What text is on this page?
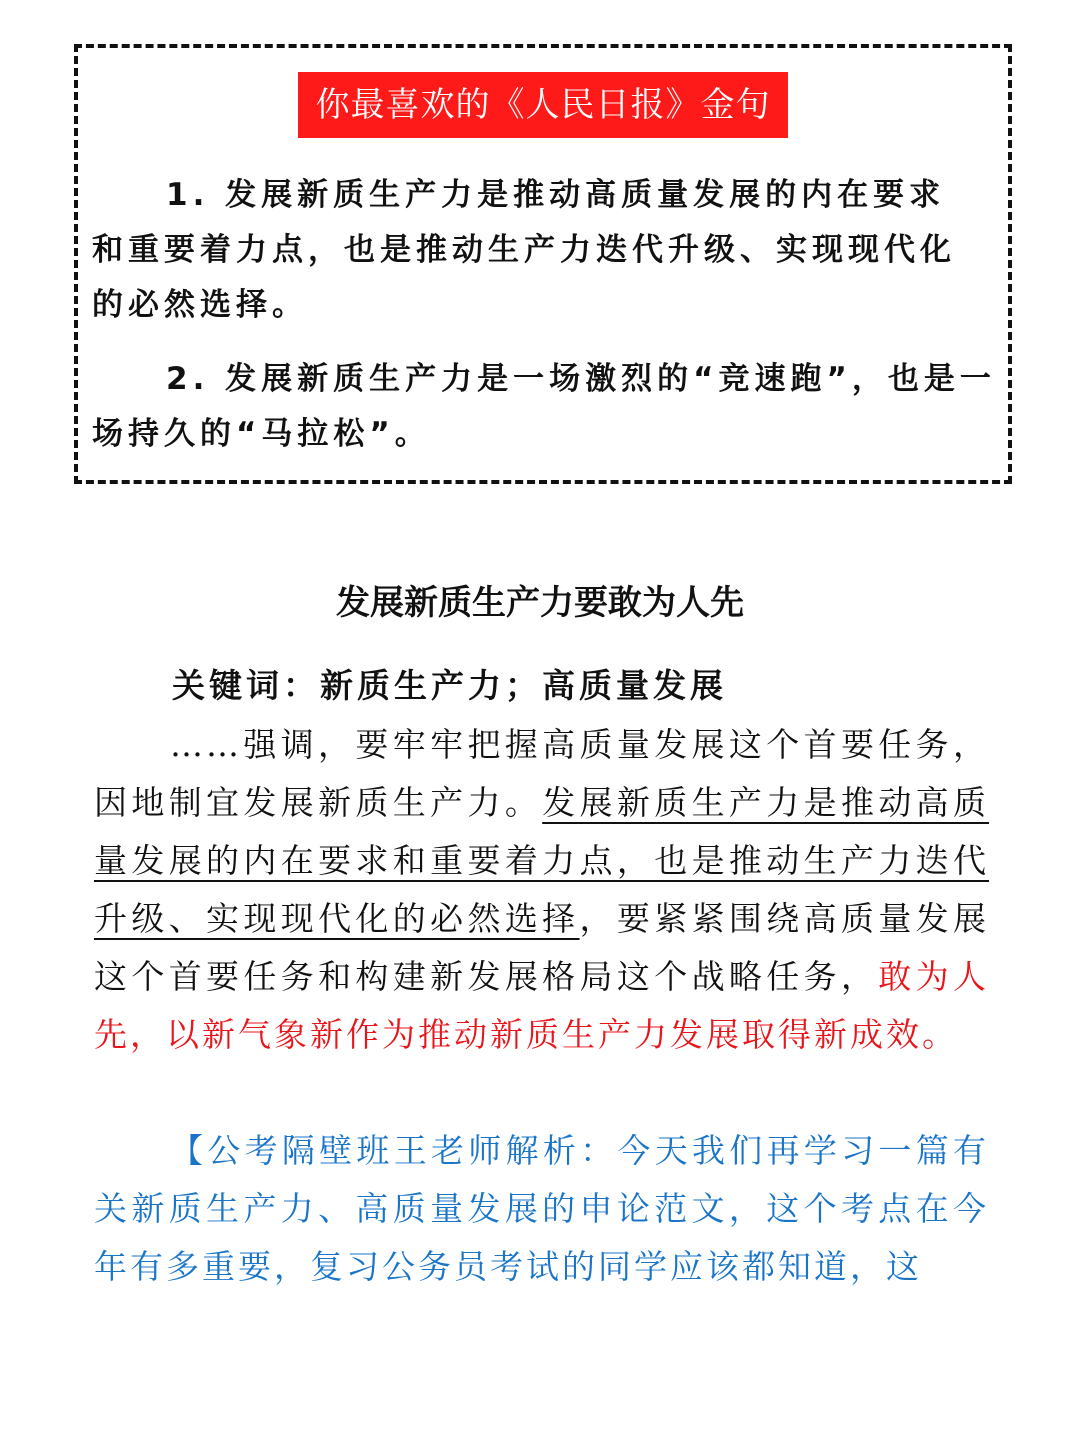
你最喜欢的《人民日报》金句

1. 发展新质生产力是推动高质量发展的内在要求和重要着力点，也是推动生产力迭代升级、实现现代化的必然选择。

2. 发展新质生产力是一场激烈的“竞速跑”，也是一场持久的“马拉松”。

发展新质生产力要敢为人先

关键词：新质生产力；高质量发展

……强调，要牢牢把握高质量发展这个首要任务，因地制宜发展新质生产力。发展新质生产力是推动高质量发展的内在要求和重要着力点，也是推动生产力迭代升级、实现现代化的必然选择，要紧紧围绕高质量发展这个首要任务和构建新发展格局这个战略任务，敢为人先，以新气象新作为推动新质生产力发展取得新成效。

【公考隔壁班王老师解析：今天我们再学习一篇有关新质生产力、高质量发展的申论范文，这个考点在今年有多重要，复习公务员考试的同学应该都知道，这
